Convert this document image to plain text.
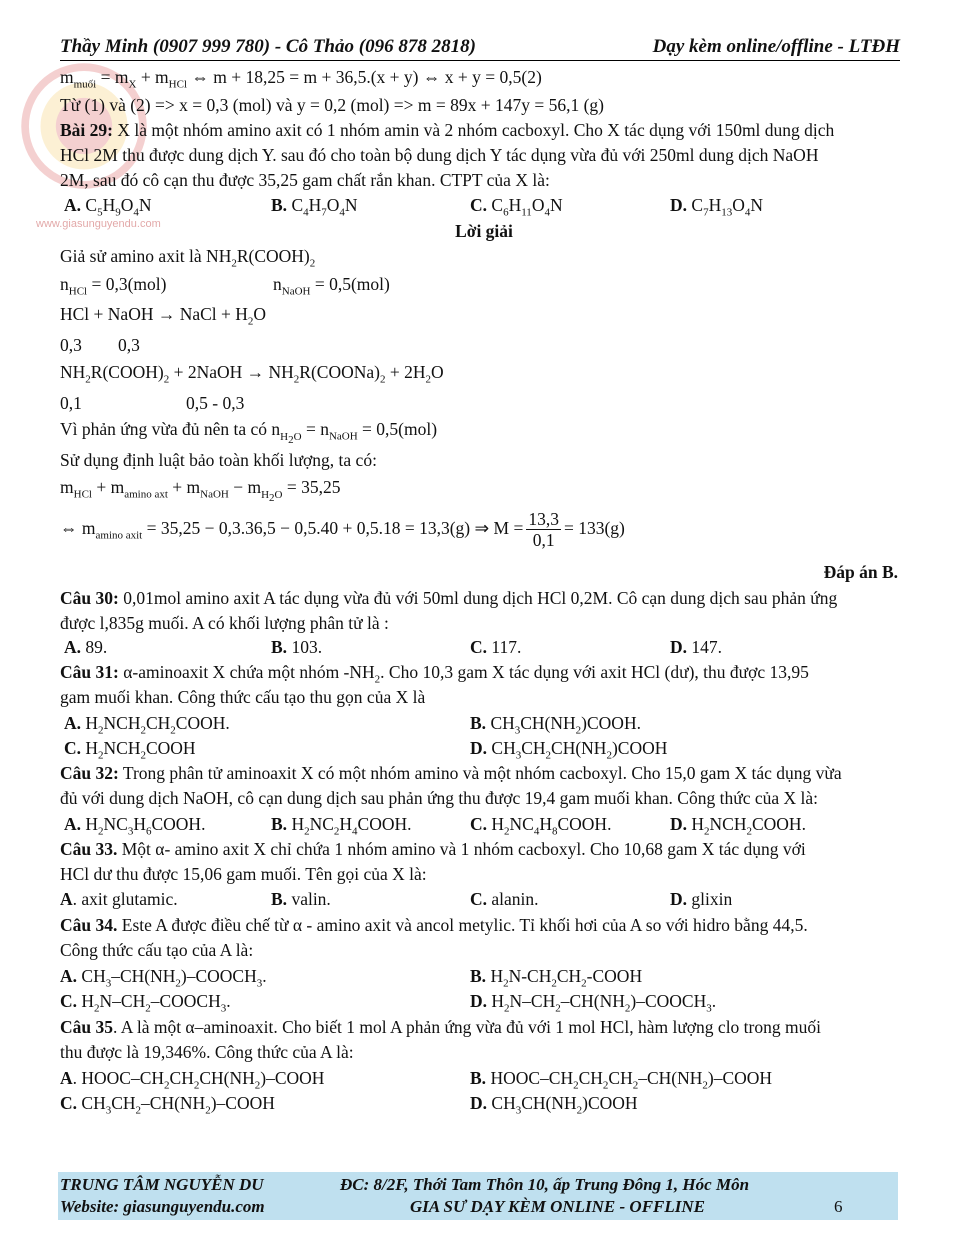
Thầy Minh (0907 999 780) - Cô Thảo (096 878 2818)	Dạy kèm online/offline - LTĐH
www.giasunguyendu.com
$m_{muối} = m_X + m_{HCl}$ ⇔ m + 18,25 = m + 36,5.(x + y) ⇔ x + y = 0,5(2)
Từ (1) và (2) => x = 0,3 (mol) và y = 0,2 (mol) => m = 89x + 147y = 56,1 (g)
Bài 29: X là một nhóm amino axit có 1 nhóm amin và 2 nhóm cacboxyl. Cho X tác dụng với 150ml dung dịch
HCl 2M thu được dung dịch Y. sau đó cho toàn bộ dung dịch Y tác dụng vừa đủ với 250ml dung dịch NaOH
2M, sau đó cô cạn thu được 35,25 gam chất rắn khan. CTPT của X là:
A. $C_5H_9O_4N$	B. $C_4H_7O_4N$	C. $C_6H_{11}O_4N$	D. $C_7H_{13}O_4N$
Lời giải
Giả sử amino axit là $NH_2R(COOH)_2$
$n_{HCl} = 0,3(mol)$	$n_{NaOH} = 0,5(mol)$
HCl + NaOH → NaCl + $H_2O$
0,3 0,3
$NH_2R(COOH)_2$ + 2NaOH → $NH_2R(COONa)_2 + 2H_2O$
0,1	0,5 - 0,3
Vì phản ứng vừa đủ nên ta có $n_{H_2O} = n_{NaOH} = 0,5(mol)$
Sử dụng định luật bảo toàn khối lượng, ta có:
$m_{HCl} + m_{amino axt} + m_{NaOH} - m_{H_2O} = 35,25$
⇔ $m_{amino axit} = 35,25 - 0,3.36,5 - 0,5.40 + 0,5.18 = 13,3(g)$ ⇒ $M = \frac{13,3}{0,1} = 133(g)$
Đáp án B.
Câu 30: 0,01mol amino axit A tác dụng vừa đủ với 50ml dung dịch HCl 0,2M. Cô cạn dung dịch sau phản ứng
được l,835g muối. A có khối lượng phân tử là :
A. 89.	B. 103.	C. 117.	D. 147.
Câu 31: α-aminoaxit X chứa một nhóm $-NH_2$. Cho 10,3 gam X tác dụng với axit HCl (dư), thu được 13,95
gam muối khan. Công thức cấu tạo thu gọn của X là
A. $H_2NCH_2CH_2COOH$.	B. $CH_3CH(NH_2)COOH$.
C. $H_2NCH_2COOH$	D. $CH_3CH_2CH(NH_2)COOH$
Câu 32: Trong phân tử aminoaxit X có một nhóm amino và một nhóm cacboxyl. Cho 15,0 gam X tác dụng vừa
đủ với dung dịch NaOH, cô cạn dung dịch sau phản ứng thu được 19,4 gam muối khan. Công thức của X là:
A. $H_2NC_3H_6COOH$.	B. $H_2NC_2H_4COOH$.	C. $H_2NC_4H_8COOH$.	D. $H_2NCH_2COOH$.
Câu 33. Một α- amino axit X chỉ chứa 1 nhóm amino và 1 nhóm cacboxyl. Cho 10,68 gam X tác dụng với
HCl dư thu được 15,06 gam muối. Tên gọi của X là:
A. axit glutamic.	B. valin.	C. alanin.	D. glixin
Câu 34. Este A được điều chế từ α - amino axit và ancol metylic. Tỉ khối hơi của A so với hidro bằng 44,5.
Công thức cấu tạo của A là:
A. $CH_3-CH(NH_2)-COOCH_3$.	B. $H_2N-CH_2CH_2$-COOH
C. $H_2N-CH_2-COOCH_3$.	D. $H_2N-CH_2-CH(NH_2)-COOCH_3$.
Câu 35. A là một α–aminoaxit. Cho biết 1 mol A phản ứng vừa đủ với 1 mol HCl, hàm lượng clo trong muối
thu được là 19,346%. Công thức của A là:
A. HOOC–$CH_2CH_2CH(NH_2)$–COOH	B. HOOC–$CH_2CH_2CH_2-CH(NH_2)$–COOH
C. $CH_3CH_2-CH(NH_2)$–COOH	D. $CH_3CH(NH_2)COOH$
TRUNG TÂM NGUYỄN DU	ĐC: 8/2F, Thới Tam Thôn 10, ấp Trung Đông 1, Hóc Môn
Website: giasunguyendu.com	GIA SƯ DẠY KÈM ONLINE - OFFLINE	6
